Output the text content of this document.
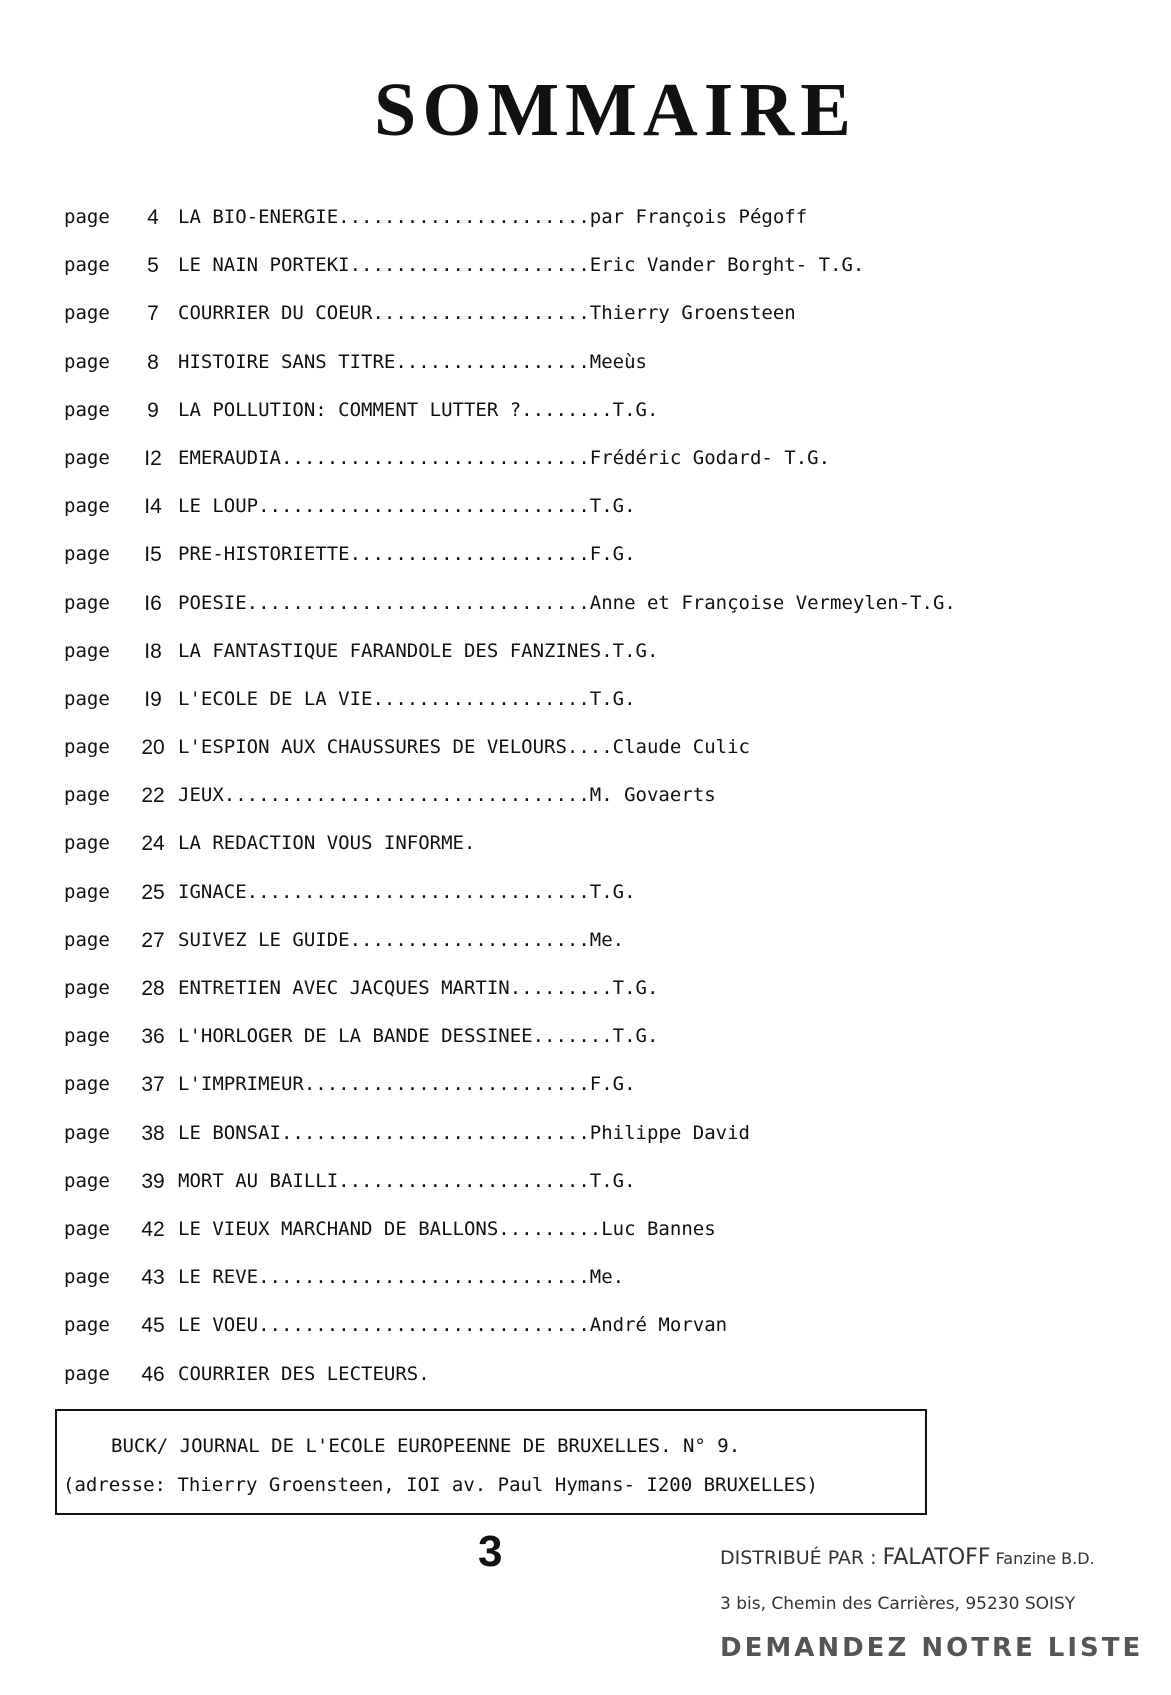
SOMMAIRE
page	4	LA BIO-ENERGIE......................par François Pégoff
page	5	LE NAIN PORTEKI.....................Eric Vander Borght- T.G.
page	7	COURRIER DU COEUR...................Thierry Groensteen
page	8	HISTOIRE SANS TITRE.................Meeùs
page	9	LA POLLUTION: COMMENT LUTTER ?........T.G.
page	I2 EMERAUDIA...........................Frédéric Godard- T.G.
page	I4 LE LOUP.............................T.G.
page	I5 PRE-HISTORIETTE.....................F.G.
page	I6 POESIE..............................Anne et Françoise Vermeylen-T.G.
page	I8 LA FANTASTIQUE FARANDOLE DES FANZINES.T.G.
page	I9 L'ECOLE DE LA VIE...................T.G.
page	20 L'ESPION AUX CHAUSSURES DE VELOURS....Claude Culic
page	22 JEUX................................M. Govaerts
page	24 LA REDACTION VOUS INFORME.
page	25 IGNACE..............................T.G.
page	27 SUIVEZ LE GUIDE.....................Me.
page	28 ENTRETIEN AVEC JACQUES MARTIN.........T.G.
page	36 L'HORLOGER DE LA BANDE DESSINEE.......T.G.
page	37 L'IMPRIMEUR.........................F.G.
page	38 LE BONSAI...........................Philippe David
page	39 MORT AU BAILLI......................T.G.
page	42 LE VIEUX MARCHAND DE BALLONS.........Luc Bannes
page	43 LE REVE.............................Me.
page	45 LE VOEU.............................André Morvan
page	46 COURRIER DES LECTEURS.
BUCK/ JOURNAL DE L'ECOLE EUROPEENNE DE BRUXELLES. N° 9.
(adresse: Thierry Groensteen, IOI av. Paul Hymans- I200 BRUXELLES)
3	DISTRIBUÉ PAR : FALATOFF Fanzine B.D.
3 bis, Chemin des Carrières, 95230 SOISY
DEMANDEZ NOTRE LISTE
